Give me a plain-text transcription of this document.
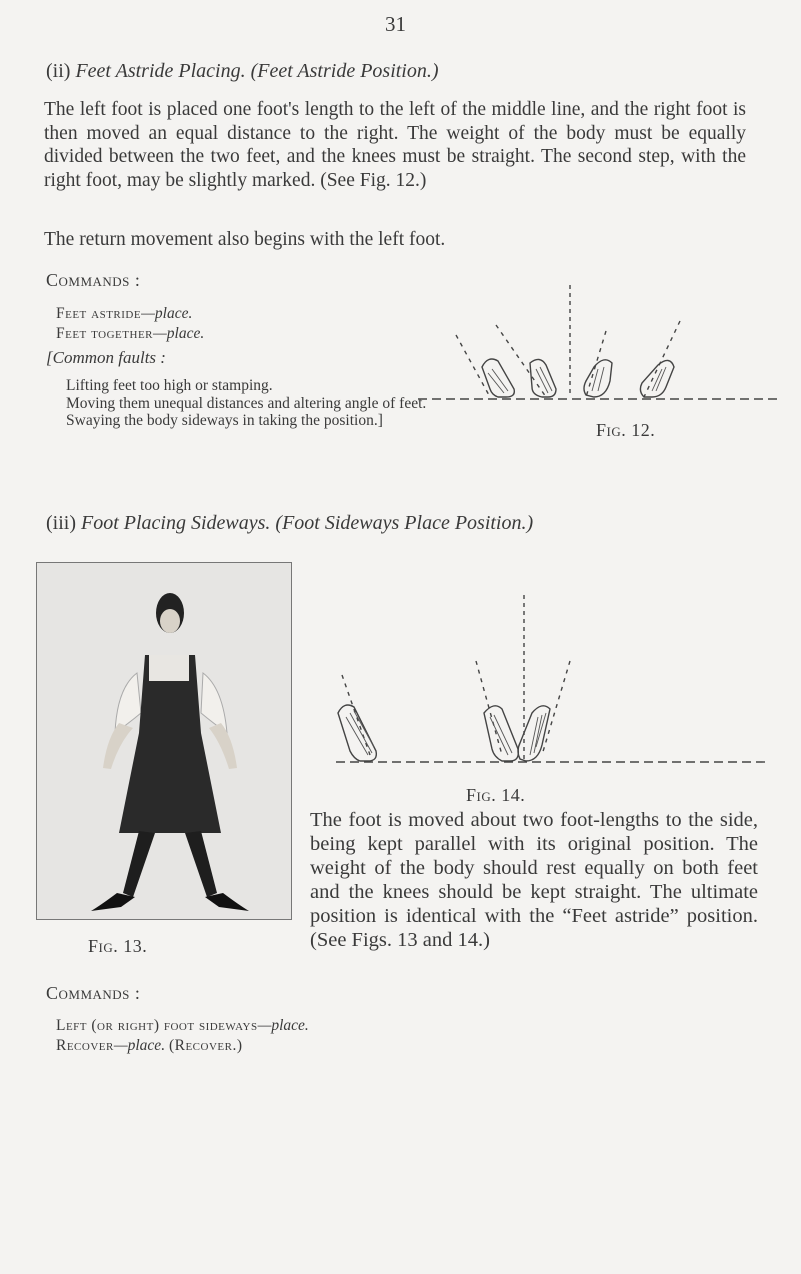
31
(ii) Feet Astride Placing. (Feet Astride Position.)
The left foot is placed one foot's length to the left of the middle line, and the right foot is then moved an equal distance to the right. The weight of the body must be equally divided between the two feet, and the knees must be straight. The second step, with the right foot, may be slightly marked. (See Fig. 12.)
The return movement also begins with the left foot.
Commands :
Feet astride—place.
Feet together—place.
[Common faults :
Lifting feet too high or stamping.
Moving them unequal distances and altering angle of feet.
Swaying the body sideways in taking the position.]	Fig. 12.
(iii) Foot Placing Sideways. (Foot Sideways Place Position.)
Fig. 13.
Fig. 14.
The foot is moved about two foot-lengths to the side, being kept parallel with its original position. The weight of the body should rest equally on both feet and the knees should be kept straight. The ultimate position is identical with the “Feet astride” position. (See Figs. 13 and 14.)
Commands :
Left (or right) foot sideways—place.
Recover—place. (Recover.)
